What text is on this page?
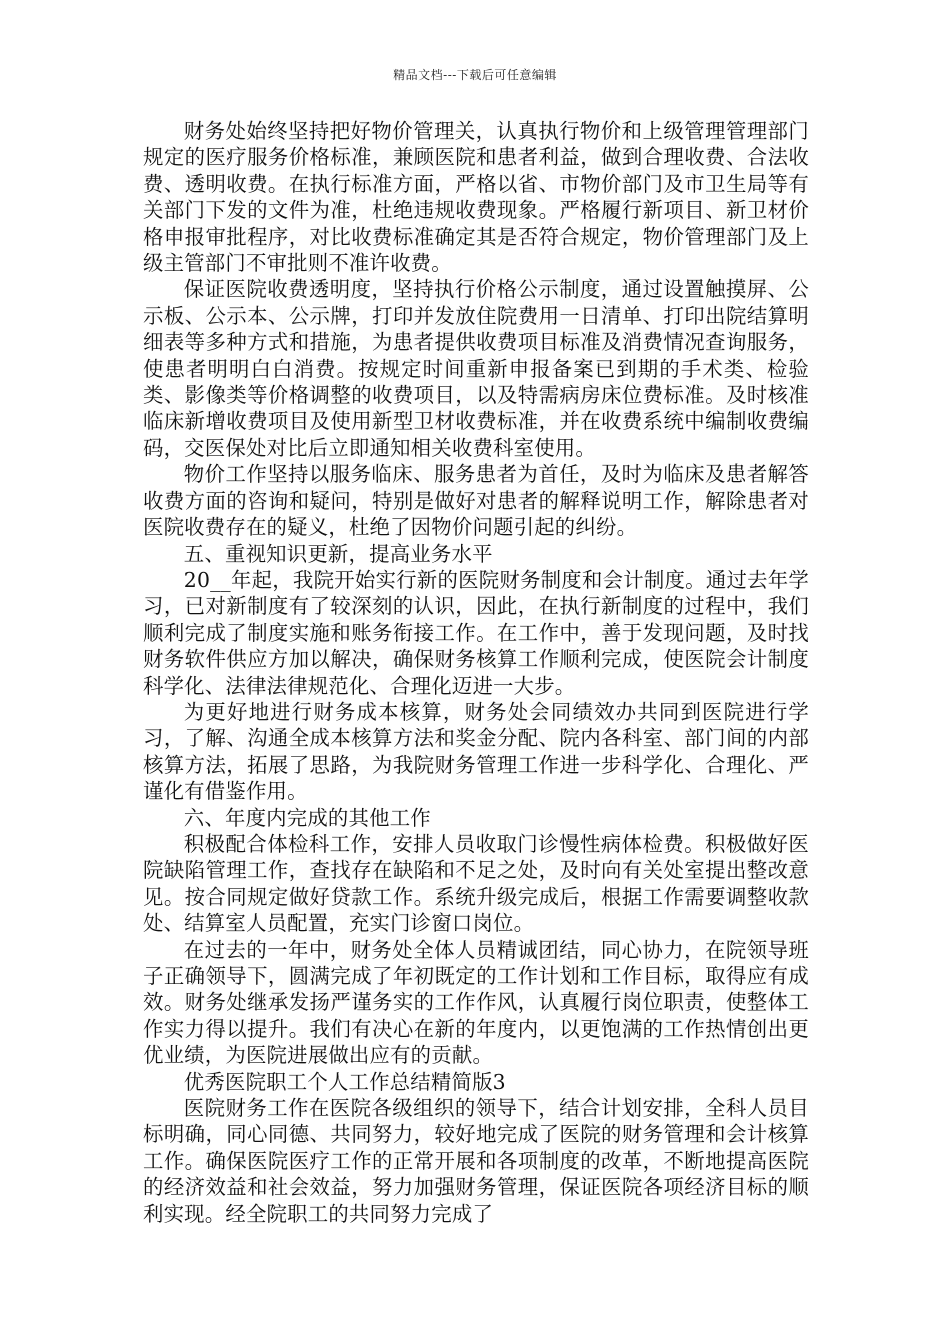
精品文档---下载后可任意编辑

财务处始终坚持把好物价管理关，认真执行物价和上级管理管理部门规定的医疗服务价格标准，兼顾医院和患者利益，做到合理收费、合法收费、透明收费。在执行标准方面，严格以省、市物价部门及市卫生局等有关部门下发的文件为准，杜绝违规收费现象。严格履行新项目、新卫材价格申报审批程序，对比收费标准确定其是否符合规定，物价管理部门及上级主管部门不审批则不准许收费。

保证医院收费透明度，坚持执行价格公示制度，通过设置触摸屏、公示板、公示本、公示牌，打印并发放住院费用一日清单、打印出院结算明细表等多种方式和措施，为患者提供收费项目标准及消费情况查询服务，使患者明明白白消费。按规定时间重新申报备案已到期的手术类、检验类、影像类等价格调整的收费项目，以及特需病房床位费标准。及时核准临床新增收费项目及使用新型卫材收费标准，并在收费系统中编制收费编码，交医保处对比后立即通知相关收费科室使用。

物价工作坚持以服务临床、服务患者为首任，及时为临床及患者解答收费方面的咨询和疑问，特别是做好对患者的解释说明工作，解除患者对医院收费存在的疑义，杜绝了因物价问题引起的纠纷。

五、重视知识更新，提高业务水平

20__年起，我院开始实行新的医院财务制度和会计制度。通过去年学习，已对新制度有了较深刻的认识，因此，在执行新制度的过程中，我们顺利完成了制度实施和账务衔接工作。在工作中，善于发现问题，及时找财务软件供应方加以解决，确保财务核算工作顺利完成，使医院会计制度科学化、法律法律规范化、合理化迈进一大步。

为更好地进行财务成本核算，财务处会同绩效办共同到医院进行学习，了解、沟通全成本核算方法和奖金分配、院内各科室、部门间的内部核算方法，拓展了思路，为我院财务管理工作进一步科学化、合理化、严谨化有借鉴作用。

六、年度内完成的其他工作

积极配合体检科工作，安排人员收取门诊慢性病体检费。积极做好医院缺陷管理工作，查找存在缺陷和不足之处，及时向有关处室提出整改意见。按合同规定做好贷款工作。系统升级完成后，根据工作需要调整收款处、结算室人员配置，充实门诊窗口岗位。

在过去的一年中，财务处全体人员精诚团结，同心协力，在院领导班子正确领导下，圆满完成了年初既定的工作计划和工作目标，取得应有成效。财务处继承发扬严谨务实的工作作风，认真履行岗位职责，使整体工作实力得以提升。我们有决心在新的年度内，以更饱满的工作热情创出更优业绩，为医院进展做出应有的贡献。

优秀医院职工个人工作总结精简版3

医院财务工作在医院各级组织的领导下，结合计划安排，全科人员目标明确，同心同德、共同努力，较好地完成了医院的财务管理和会计核算工作。确保医院医疗工作的正常开展和各项制度的改革，不断地提高医院的经济效益和社会效益，努力加强财务管理，保证医院各项经济目标的顺利实现。经全院职工的共同努力完成了
